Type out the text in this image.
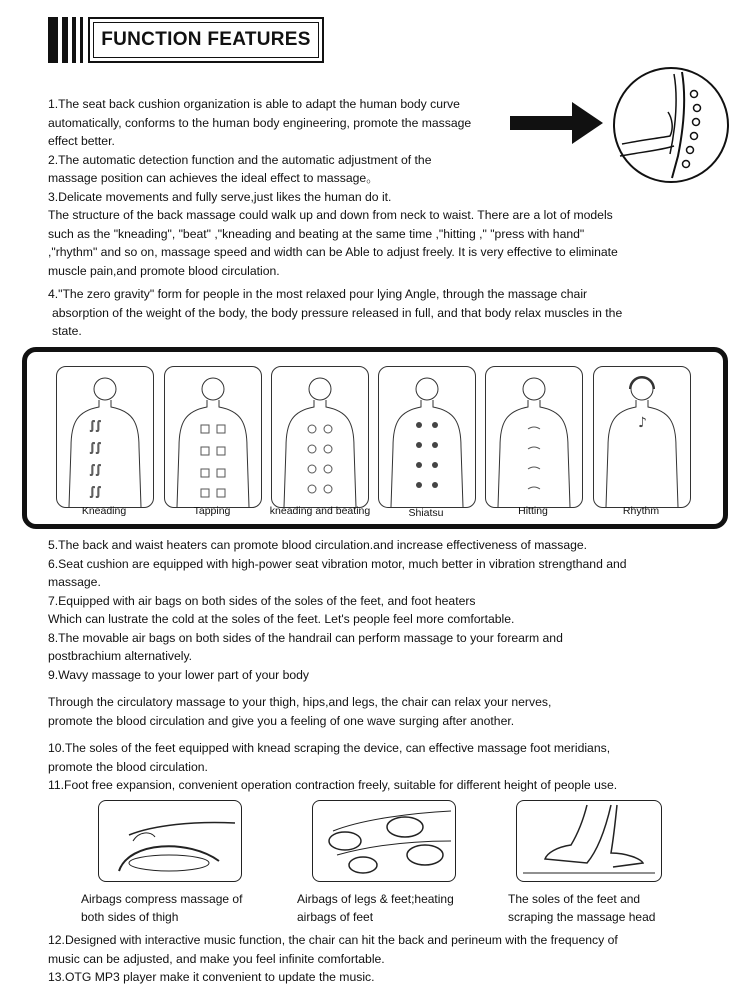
FUNCTION FEATURES
1.The seat back cushion organization is able to adapt the human body curve
automatically, conforms to the human body engineering, promote the massage
effect better.
2.The automatic detection function and the automatic adjustment of the
massage position can achieves the ideal effect to massage。
3.Delicate movements and fully serve,just likes the human do it.
The structure of the back massage could walk up and down from neck to waist. There are a lot of models
such as the "kneading", "beat" ,"kneading and beating at the same time ,"hitting ," "press with hand"
,"rhythm" and so on, massage speed and width can be Able to adjust freely. It is very effective to eliminate
muscle pain,and promote blood circulation.
4."The zero gravity" form for people in the most relaxed pour lying Angle, through the massage chair
absorption of the weight of the body, the body pressure released in full, and that body relax muscles in the
state.
ʃ ʃ
ʃ ʃ
ʃ ʃ
ʃ ʃ
♪
Kneading	Tapping	kneading and beating	Shiatsu	Hitting	Rhythm
5.The back and waist heaters can promote blood circulation.and increase effectiveness of massage.
6.Seat cushion are equipped with high-power seat vibration motor, much better in vibration strengthand and
massage.
7.Equipped with air bags on both sides of the soles of the feet, and foot heaters
Which can lustrate the cold at the soles of the feet. Let's people feel more comfortable.
8.The movable air bags on both sides of the handrail can perform massage to your forearm and
postbrachium alternatively.
9.Wavy massage to your lower part of your body
Through the circulatory massage to your thigh, hips,and legs, the chair can relax your nerves,
promote the blood circulation and give you a feeling of one wave surging after another.
10.The soles of the feet equipped with knead scraping the device, can effective massage foot meridians,
promote the blood circulation.
11.Foot free expansion, convenient operation contraction freely, suitable for different height of people use.
Airbags compress massage of
both sides of thigh
Airbags of legs & feet;heating
airbags of feet
The soles of the feet and
scraping the massage head
12.Designed with interactive music function, the chair can hit the back and perineum with the frequency of
music can be adjusted, and make you feel infinite comfortable.
13.OTG MP3 player make it convenient to update the music.
